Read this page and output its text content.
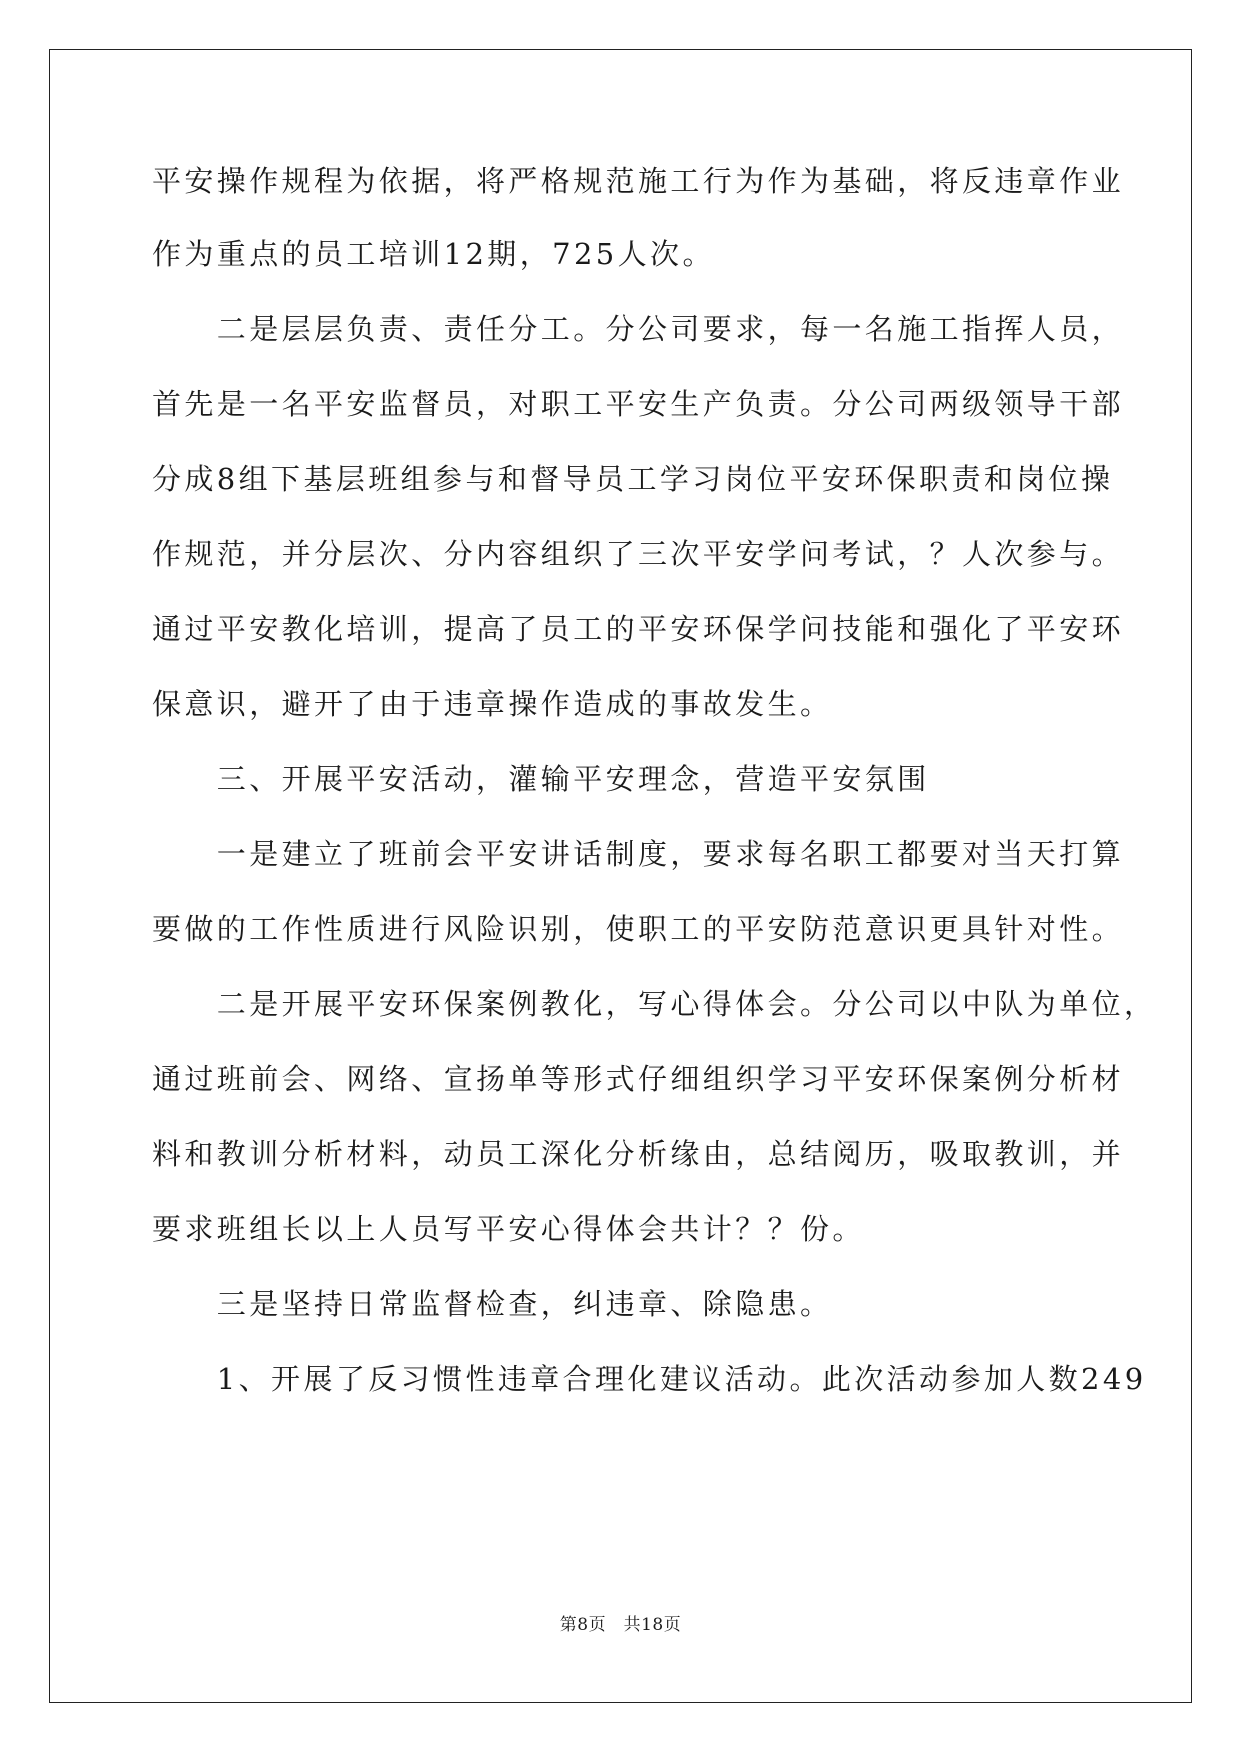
平安操作规程为依据，将严格规范施工行为作为基础，将反违章作业
作为重点的员工培训12期，725人次。
　　二是层层负责、责任分工。分公司要求，每一名施工指挥人员，
首先是一名平安监督员，对职工平安生产负责。分公司两级领导干部
分成8组下基层班组参与和督导员工学习岗位平安环保职责和岗位操
作规范，并分层次、分内容组织了三次平安学问考试，？人次参与。
通过平安教化培训，提高了员工的平安环保学问技能和强化了平安环
保意识，避开了由于违章操作造成的事故发生。
　　三、开展平安活动，灌输平安理念，营造平安氛围
　　一是建立了班前会平安讲话制度，要求每名职工都要对当天打算
要做的工作性质进行风险识别，使职工的平安防范意识更具针对性。
　　二是开展平安环保案例教化，写心得体会。分公司以中队为单位，
通过班前会、网络、宣扬单等形式仔细组织学习平安环保案例分析材
料和教训分析材料，动员工深化分析缘由，总结阅历，吸取教训，并
要求班组长以上人员写平安心得体会共计？？份。
　　三是坚持日常监督检查，纠违章、除隐患。
　　1、开展了反习惯性违章合理化建议活动。此次活动参加人数249
第8页　共18页
